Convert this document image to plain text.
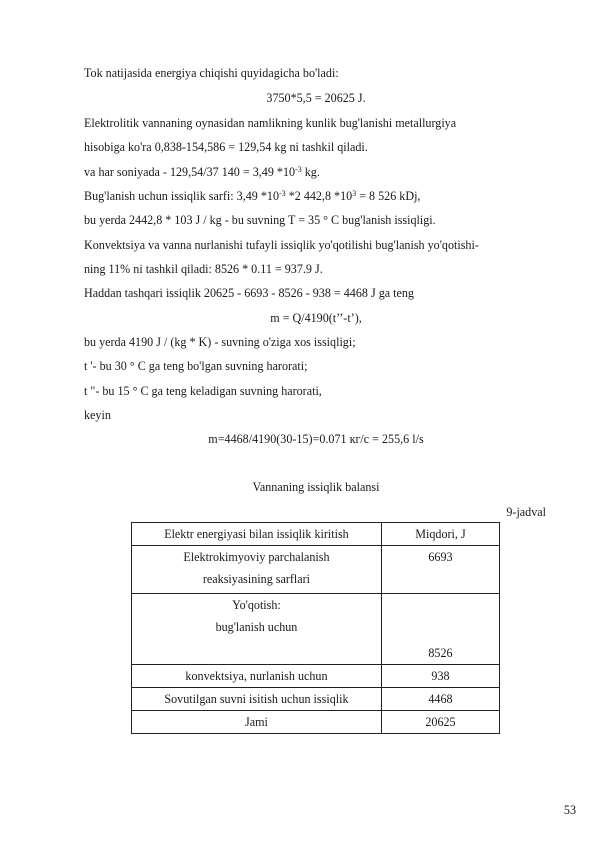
Tok natijasida energiya chiqishi quyidagicha bo'ladi:
3750*5,5 = 20625 J.
Elektrolitik vannaning oynasidan namlikning kunlik bug'lanishi metallurgiya
hisobiga ko'ra 0,838-154,586 = 129,54 kg ni tashkil qiladi.
va har soniyada - 129,54/37 140 = 3,49 $*10^{-3}$ kg.
Bug'lanish uchun issiqlik sarfi: 3,49 $*10^{-3}$ *2 442,8 $*10^3 = 8$ 526 kDj,
bu yerda 2442,8 * 103 J / kg - bu suvning T = 35 ° C bug'lanish issiqligi.
Konvektsiya va vanna nurlanishi tufayli issiqlik yo'qotilishi bug'lanish yo'qotishi-
ning 11% ni tashkil qiladi: 8526 * 0.11 = 937.9 J.
Haddan tashqari issiqlik 20625 - 6693 - 8526 - 938 = 4468 J ga teng
m = Q/4190(t’’-t’),
bu yerda 4190 J / (kg * K) - suvning o'ziga xos issiqligi;
t '- bu 30 ° C ga teng bo'lgan suvning harorati;
t "- bu 15 ° C ga teng keladigan suvning harorati,
keyin
m=4468/4190(30-15)=0.071 кг/с = 255,6 l/s
Vannaning issiqlik balansi
9-jadval
Elektr energiyasi bilan issiqlik kiritish	Miqdori, J

Elektrokimyoviy parchalanish
reaksiyasining sarflari	6693

Yo'qotish:
bug'lanish uchun	8526
konvektsiya, nurlanish uchun	938
Sovutilgan suvni isitish uchun issiqlik	4468
Jami	20625
53
